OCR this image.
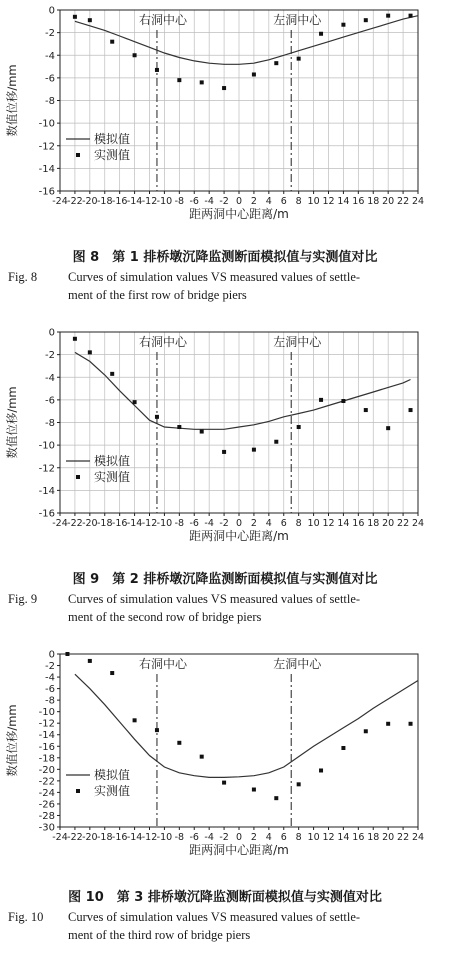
0
-2
-4
-6
-8
-10
-12
-14
-16
-24 -22 -20 -18 -16 -14 -12 -10 -8 -6 -4 -2 0 2 4 6 8 10 12 14 16 18 20 22 24
距两洞中心距离/m
数值位移/mm
右洞中心	左洞中心
模拟值
实测值
图 8　第 1 排桥墩沉降监测断面模拟值与实测值对比
Fig. 8 Curves of simulation values VS measured values of settle-
ment of the first row of bridge piers
0
-2
-4
-6
-8
-10
-12
-14
-16
-24 -22 -20 -18 -16 -14 -12 -10 -8 -6 -4 -2 0 2 4 6 8 10 12 14 16 18 20 22 24
距两洞中心距离/m
数值位移/mm
右洞中心	左洞中心
模拟值
实测值
图 9　第 2 排桥墩沉降监测断面模拟值与实测值对比
Fig. 9 Curves of simulation values VS measured values of settle-
ment of the second row of bridge piers
0
-2
-4
-6
-8
-10
-12
-14
-16
-18
-20
-22
-24
-26
-28
-30
-24 -22 -20 -18 -16 -14 -12 -10 -8 -6 -4 -2 0 2 4 6 8 10 12 14 16 18 20 22 24
距两洞中心距离/m
数值位移/mm
右洞中心	左洞中心
模拟值
实测值
图 10　第 3 排桥墩沉降监测断面模拟值与实测值对比
Fig. 10 Curves of simulation values VS measured values of settle-
ment of the third row of bridge piers
